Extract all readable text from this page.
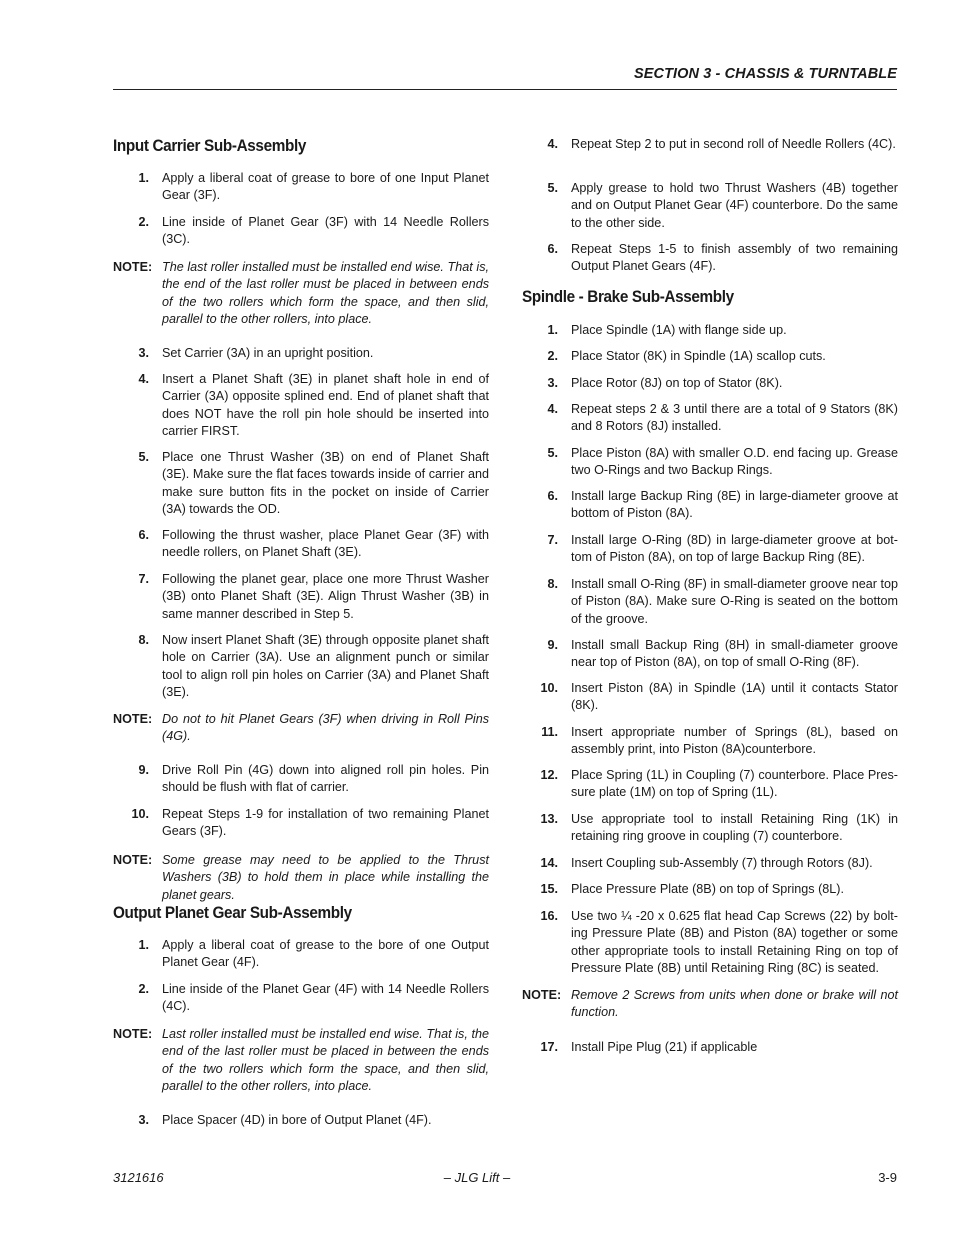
SECTION 3 - CHASSIS & TURNTABLE
Input Carrier Sub-Assembly
1. Apply a liberal coat of grease to bore of one Input Planet Gear (3F).
2. Line inside of Planet Gear (3F) with 14 Needle Rollers (3C).
NOTE: The last roller installed must be installed end wise. That is, the end of the last roller must be placed in between ends of the two rollers which form the space, and then slid, parallel to the other rollers, into place.
3. Set Carrier (3A) in an upright position.
4. Insert a Planet Shaft (3E) in planet shaft hole in end of Carrier (3A) opposite splined end. End of planet shaft that does NOT have the roll pin hole should be inserted into carrier FIRST.
5. Place one Thrust Washer (3B) on end of Planet Shaft (3E). Make sure the flat faces towards inside of carrier and make sure button fits in the pocket on inside of Carrier (3A) towards the OD.
6. Following the thrust washer, place Planet Gear (3F) with needle rollers, on Planet Shaft (3E).
7. Following the planet gear, place one more Thrust Washer (3B) onto Planet Shaft (3E). Align Thrust Washer (3B) in same manner described in Step 5.
8. Now insert Planet Shaft (3E) through opposite planet shaft hole on Carrier (3A). Use an alignment punch or similar tool to align roll pin holes on Carrier (3A) and Planet Shaft (3E).
NOTE: Do not to hit Planet Gears (3F) when driving in Roll Pins (4G).
9. Drive Roll Pin (4G) down into aligned roll pin holes. Pin should be flush with flat of carrier.
10. Repeat Steps 1-9 for installation of two remaining Planet Gears (3F).
NOTE: Some grease may need to be applied to the Thrust Washers (3B) to hold them in place while installing the planet gears.
Output Planet Gear Sub-Assembly
1. Apply a liberal coat of grease to the bore of one Output Planet Gear (4F).
2. Line inside of the Planet Gear (4F) with 14 Needle Rollers (4C).
NOTE: Last roller installed must be installed end wise. That is, the end of the last roller must be placed in between the ends of the two rollers which form the space, and then slid, parallel to the other rollers, into place.
3. Place Spacer (4D) in bore of Output Planet (4F).
4. Repeat Step 2 to put in second roll of Needle Rollers (4C).
5. Apply grease to hold two Thrust Washers (4B) together and on Output Planet Gear (4F) counterbore. Do the same to the other side.
6. Repeat Steps 1-5 to finish assembly of two remaining Output Planet Gears (4F).
Spindle - Brake Sub-Assembly
1. Place Spindle (1A) with flange side up.
2. Place Stator (8K) in Spindle (1A) scallop cuts.
3. Place Rotor (8J) on top of Stator (8K).
4. Repeat steps 2 & 3 until there are a total of 9 Stators (8K) and 8 Rotors (8J) installed.
5. Place Piston (8A) with smaller O.D. end facing up. Grease two O-Rings and two Backup Rings.
6. Install large Backup Ring (8E) in large-diameter groove at bottom of Piston (8A).
7. Install large O-Ring (8D) in large-diameter groove at bot-tom of Piston (8A), on top of large Backup Ring (8E).
8. Install small O-Ring (8F) in small-diameter groove near top of Piston (8A). Make sure O-Ring is seated on the bottom of the groove.
9. Install small Backup Ring (8H) in small-diameter groove near top of Piston (8A), on top of small O-Ring (8F).
10. Insert Piston (8A) in Spindle (1A) until it contacts Stator (8K).
11. Insert appropriate number of Springs (8L), based on assembly print, into Piston (8A)counterbore.
12. Place Spring (1L) in Coupling (7) counterbore. Place Pres-sure plate (1M) on top of Spring (1L).
13. Use appropriate tool to install Retaining Ring (1K) in retaining ring groove in coupling (7) counterbore.
14. Insert Coupling sub-Assembly (7) through Rotors (8J).
15. Place Pressure Plate (8B) on top of Springs (8L).
16. Use two ¼ -20 x 0.625 flat head Cap Screws (22) by bolt-ing Pressure Plate (8B) and Piston (8A) together or some other appropriate tools to install Retaining Ring on top of Pressure Plate (8B) until Retaining Ring (8C) is seated.
NOTE: Remove 2 Screws from units when done or brake will not function.
17. Install Pipe Plug (21) if applicable
3121616	– JLG Lift –	3-9
